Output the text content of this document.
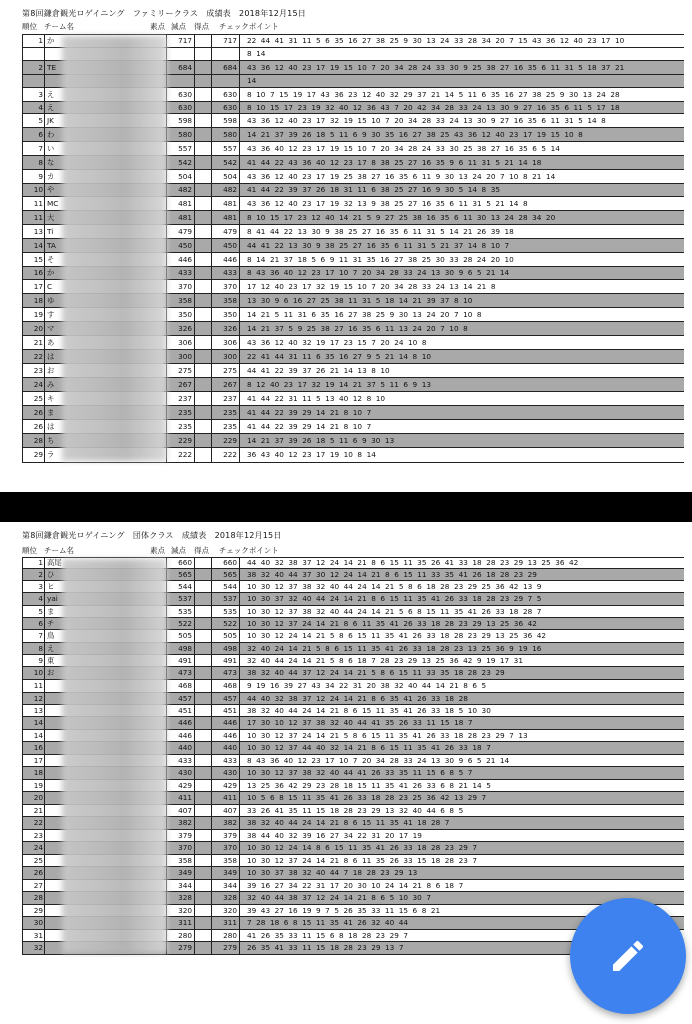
第8回鎌倉観光ロゲイニング　ファミリークラス　成績表　2018年12月15日
順位 チーム名	素点 減点 得点 チェックポイント
1 か	717	717	22 44 41 31 11 5 6 35 16 27 38 25 9 30 13 24 33 28 34 20 7 15 43 36 12 40 23 17 10
8 14
2 TE	684	684	43 36 12 40 23 17 19 15 10 7 20 34 28 24 33 30 9 25 38 27 16 35 6 11 31 5 18 37 21
14
3 え	630	630	8 10 7 15 19 17 43 36 23 12 40 32 29 37 21 14 5 11 6 35 16 27 38 25 9 30 13 24 28
4 え	630	630	8 10 15 17 23 19 32 40 12 36 43 7 20 42 34 28 33 24 13 30 9 27 16 35 6 11 5 17 18
5 JK	598	598	43 36 12 40 23 17 32 19 15 10 7 20 34 28 33 24 13 30 9 27 16 35 6 11 31 5 14 8
6 わ	580	580	14 21 37 39 26 18 5 11 6 9 30 35 16 27 38 25 43 36 12 40 23 17 19 15 10 8
7 い	557	557	43 36 40 12 23 17 19 15 10 7 20 34 28 24 33 30 25 38 27 16 35 6 5 14
8 な	542	542	41 44 22 43 36 40 12 23 17 8 38 25 27 16 35 9 6 11 31 5 21 14 18
9 カ	504	504	43 36 12 40 23 17 19 25 38 27 16 35 6 11 9 30 13 24 20 7 10 8 21 14
10 や	482	482	41 44 22 39 37 26 18 31 11 6 38 25 27 16 9 30 5 14 8 35
11 MC	481	481	43 36 12 40 23 17 19 32 13 9 38 25 27 16 35 6 11 31 5 21 14 8
11 大	481	481	8 10 15 17 23 12 40 14 21 5 9 27 25 38 16 35 6 11 30 13 24 28 34 20
13 Ti	479	479	8 41 44 22 13 30 9 38 25 27 16 35 6 11 31 5 14 21 26 39 18
14 TA	450	450	44 41 22 13 30 9 38 25 27 16 35 6 11 31 5 21 37 14 8 10 7
15 そ	446	446	8 14 21 37 18 5 6 9 11 31 35 16 27 38 25 30 33 28 24 20 10
16 か	433	433	8 43 36 40 12 23 17 10 7 20 34 28 33 24 13 30 9 6 5 21 14
17 C	370	370	17 12 40 23 17 32 19 15 10 7 20 34 28 33 24 13 14 21 8
18 ゆ	358	358	13 30 9 6 16 27 25 38 11 31 5 18 14 21 39 37 8 10
19 す	350	350	14 21 5 11 31 6 35 16 27 38 25 9 30 13 24 20 7 10 8
20 マ	326	326	14 21 37 5 9 25 38 27 16 35 6 11 13 24 20 7 10 8
21 あ	306	306	43 36 12 40 32 19 17 23 15 7 20 24 10 8
22 は	300	300	22 41 44 31 11 6 35 16 27 9 5 21 14 8 10
23 お	275	275	44 41 22 39 37 26 21 14 13 8 10
24 み	267	267	8 12 40 23 17 32 19 14 21 37 5 11 6 9 13
25 キ	237	237	41 44 22 31 11 5 13 40 12 8 10
26 ま	235	235	41 44 22 39 29 14 21 8 10 7
26 は	235	235	41 44 22 39 29 14 21 8 10 7
28 ち	229	229	14 21 37 39 26 18 5 11 6 9 30 13
29 ラ	222	222	36 43 40 12 23 17 19 10 8 14
第8回鎌倉観光ロゲイニング　団体クラス　成績表　2018年12月15日
順位 チーム名	素点 減点 得点 チェックポイント
1 高尾	660	660	44 40 32 38 37 12 24 14 21 8 6 15 11 35 26 41 33 18 28 23 29 13 25 36 42
2 ひ	565	565	38 32 40 44 37 30 12 24 14 21 8 6 15 11 33 35 41 26 18 28 23 29
3 ヒ	544	544	10 30 12 37 38 32 40 44 24 14 21 5 8 6 18 28 23 29 25 36 42 13 9
4 yai	537	537	10 30 37 32 40 44 24 14 21 8 6 15 11 35 41 26 33 18 28 23 29 7 5
5 ま	535	535	10 30 12 37 38 32 40 44 24 14 21 5 6 8 15 11 35 41 26 33 18 28 7
6 チ	522	522	10 30 12 37 24 14 21 8 6 11 35 41 26 33 18 28 23 29 13 25 36 42
7 鳥	505	505	10 30 12 24 14 21 5 8 6 15 11 35 41 26 33 18 28 23 29 13 25 36 42
8 え	498	498	32 40 24 14 21 5 8 6 15 11 35 41 26 33 18 28 23 13 25 36 9 19 16
9 東	491	491	32 40 44 24 14 21 5 8 6 18 7 28 23 29 13 25 36 42 9 19 17 31
10 お	473	473	38 32 40 44 37 12 24 14 21 5 8 6 15 11 33 35 18 28 23 29
11	468	468	9 19 16 39 27 43 34 22 31 20 38 32 40 44 14 21 8 6 5
12	457	457	44 40 32 38 37 12 24 14 21 8 6 35 41 26 33 18 28
13	451	451	38 32 40 44 24 14 21 8 6 15 11 35 41 26 33 18 5 10 30
14	446	446	17 30 10 12 37 38 32 40 44 41 35 26 33 11 15 18 7
14	446	446	10 30 12 37 24 14 21 5 8 6 15 11 35 41 26 33 18 28 23 29 7 13
16	440	440	10 30 12 37 44 40 32 14 21 8 6 15 11 35 41 26 33 18 7
17	433	433	8 43 36 40 12 23 17 10 7 20 34 28 33 24 13 30 9 6 5 21 14
18	430	430	10 30 12 37 38 32 40 44 41 26 33 35 11 15 6 8 5 7
19	429	429	13 25 36 42 29 23 28 18 15 11 35 41 26 33 6 8 21 14 5
20	411	411	10 5 6 8 15 11 35 41 26 33 18 28 23 25 36 42 13 29 7
21	407	407	33 26 41 35 11 15 18 28 23 29 13 32 40 44 6 8 5
22	382	382	38 32 40 44 24 14 21 8 6 15 11 35 41 18 28 7
23	379	379	38 44 40 32 39 16 27 34 22 31 20 17 19
24	370	370	10 30 12 24 14 8 6 15 11 35 41 26 33 18 28 23 29 7
25	358	358	10 30 12 37 24 14 21 8 6 11 35 26 33 15 18 28 23 7
26	349	349	10 30 37 38 32 40 44 7 18 28 23 29 13
27	344	344	39 16 27 34 22 31 17 20 30 10 24 14 21 8 6 18 7
28	328	328	32 40 44 38 37 12 24 14 21 8 6 5 10 30 7
29	320	320	39 43 27 16 19 9 7 5 26 35 33 11 15 6 8 21
30	311	311	7 28 18 6 8 15 11 35 41 26 32 40 44
31	280	280	41 26 35 33 11 15 6 8 18 28 23 29 7
32	279	279	26 35 41 33 11 15 18 28 23 29 13 7
